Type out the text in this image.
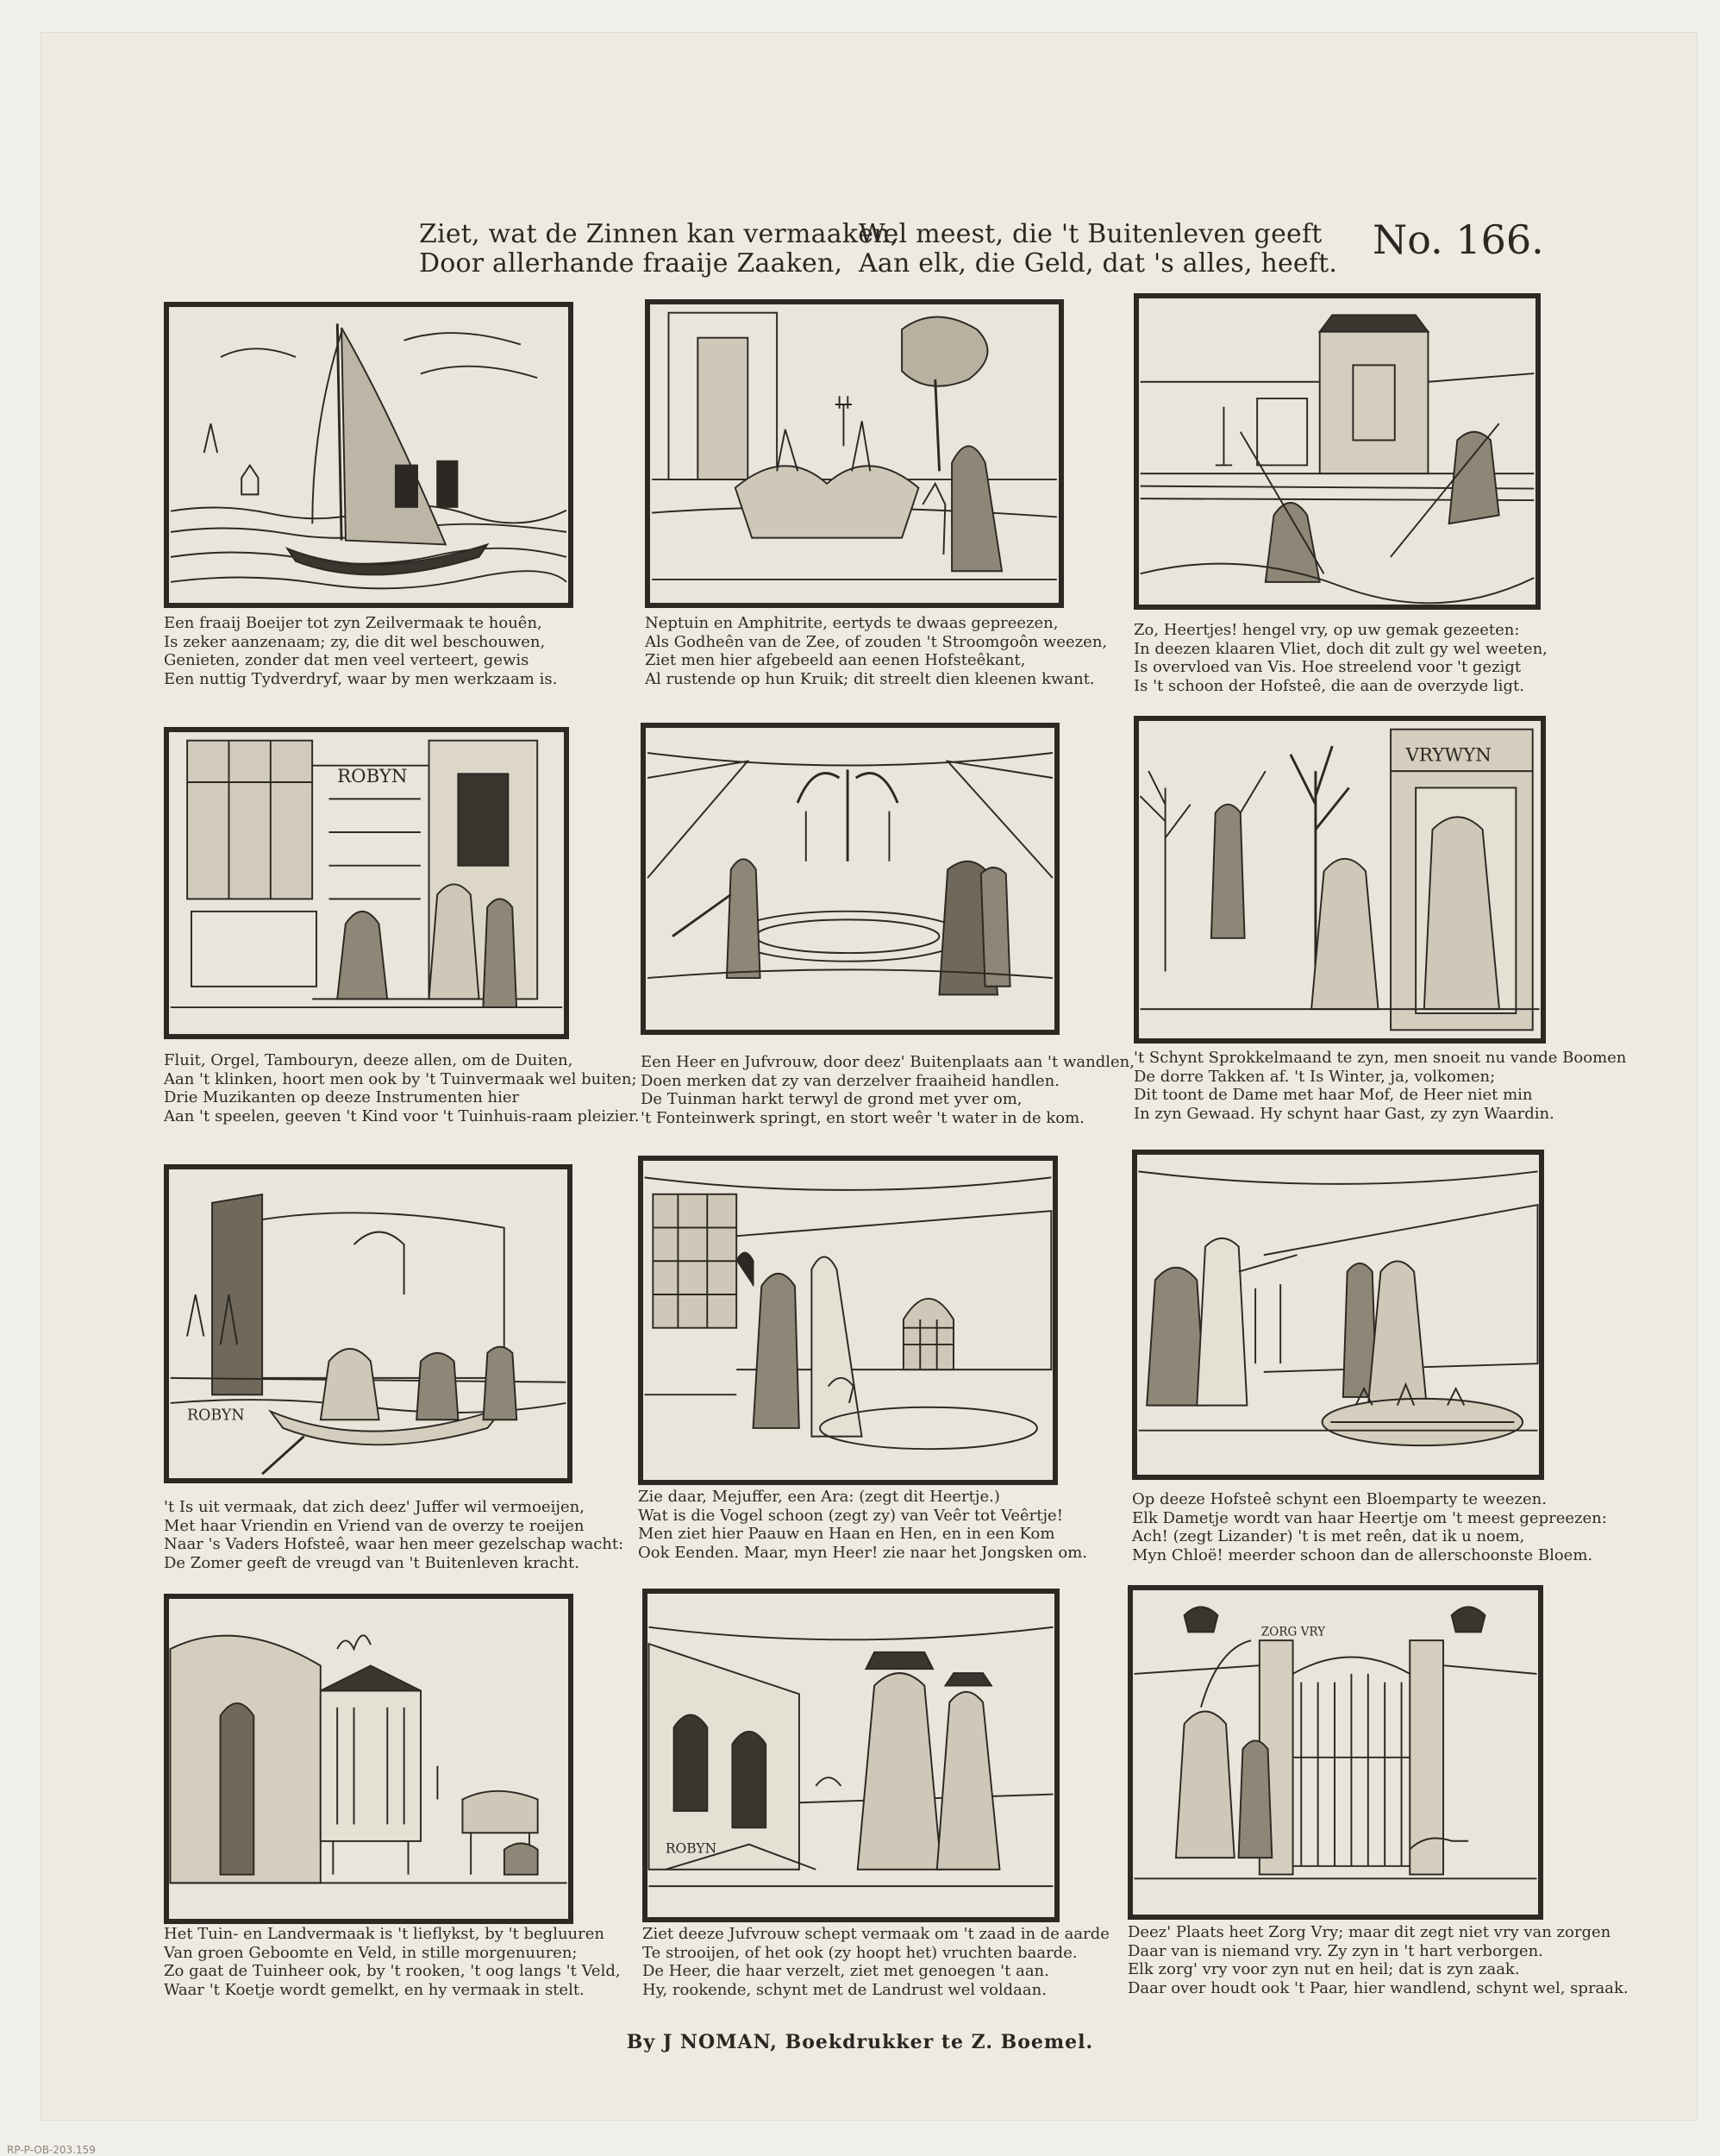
Ziet, wat de Zinnen kan vermaaken,
Door allerhande fraaije Zaaken,
Wel meest, die 't Buitenleven geeft
Aan elk, die Geld, dat 's alles, heeft.
No. 166.
Een fraaij Boeijer tot zyn Zeilvermaak te houên,
Is zeker aanzenaam; zy, die dit wel beschouwen,
Genieten, zonder dat men veel verteert, gewis
Een nuttig Tydverdryf, waar by men werkzaam is.
Neptuin en Amphitrite, eertyds te dwaas gepreezen,
Als Godheên van de Zee, of zouden 't Stroomgoôn weezen,
Ziet men hier afgebeeld aan eenen Hofsteêkant,
Al rustende op hun Kruik; dit streelt dien kleenen kwant.
Zo, Heertjes! hengel vry, op uw gemak gezeeten:
In deezen klaaren Vliet, doch dit zult gy wel weeten,
Is overvloed van Vis. Hoe streelend voor 't gezigt
Is 't schoon der Hofsteê, die aan de overzyde ligt.
ROBYN
Fluit, Orgel, Tambouryn, deeze allen, om de Duiten,
Aan 't klinken, hoort men ook by 't Tuinvermaak wel buiten;
Drie Muzikanten op deeze Instrumenten hier
Aan 't speelen, geeven 't Kind voor 't Tuinhuis-raam pleizier.
Een Heer en Jufvrouw, door deez' Buitenplaats aan 't wandlen,
Doen merken dat zy van derzelver fraaiheid handlen.
De Tuinman harkt terwyl de grond met yver om,
't Fonteinwerk springt, en stort weêr 't water in de kom.
VRYWYN
't Schynt Sprokkelmaand te zyn, men snoeit nu vande Boomen
De dorre Takken af. 't Is Winter, ja, volkomen;
Dit toont de Dame met haar Mof, de Heer niet min
In zyn Gewaad. Hy schynt haar Gast, zy zyn Waardin.
ROBYN
't Is uit vermaak, dat zich deez' Juffer wil vermoeijen,
Met haar Vriendin en Vriend van de overzy te roeijen
Naar 's Vaders Hofsteê, waar hen meer gezelschap wacht:
De Zomer geeft de vreugd van 't Buitenleven kracht.
Zie daar, Mejuffer, een Ara: (zegt dit Heertje.)
Wat is die Vogel schoon (zegt zy) van Veêr tot Veêrtje!
Men ziet hier Paauw en Haan en Hen, en in een Kom
Ook Eenden. Maar, myn Heer! zie naar het Jongsken om.
Op deeze Hofsteê schynt een Bloemparty te weezen.
Elk Dametje wordt van haar Heertje om 't meest gepreezen:
Ach! (zegt Lizander) 't is met reên, dat ik u noem,
Myn Chloë! meerder schoon dan de allerschoonste Bloem.
Het Tuin- en Landvermaak is 't lieflykst, by 't begluuren
Van groen Geboomte en Veld, in stille morgenuuren;
Zo gaat de Tuinheer ook, by 't rooken, 't oog langs 't Veld,
Waar 't Koetje wordt gemelkt, en hy vermaak in stelt.
ROBYN
Ziet deeze Jufvrouw schept vermaak om 't zaad in de aarde
Te strooijen, of het ook (zy hoopt het) vruchten baarde.
De Heer, die haar verzelt, ziet met genoegen 't aan.
Hy, rookende, schynt met de Landrust wel voldaan.
ZORG VRY
Deez' Plaats heet Zorg Vry; maar dit zegt niet vry van zorgen
Daar van is niemand vry. Zy zyn in 't hart verborgen.
Elk zorg' vry voor zyn nut en heil; dat is zyn zaak.
Daar over houdt ook 't Paar, hier wandlend, schynt wel, spraak.
By J NOMAN, Boekdrukker te Z. Boemel.
RP-P-OB-203.159
